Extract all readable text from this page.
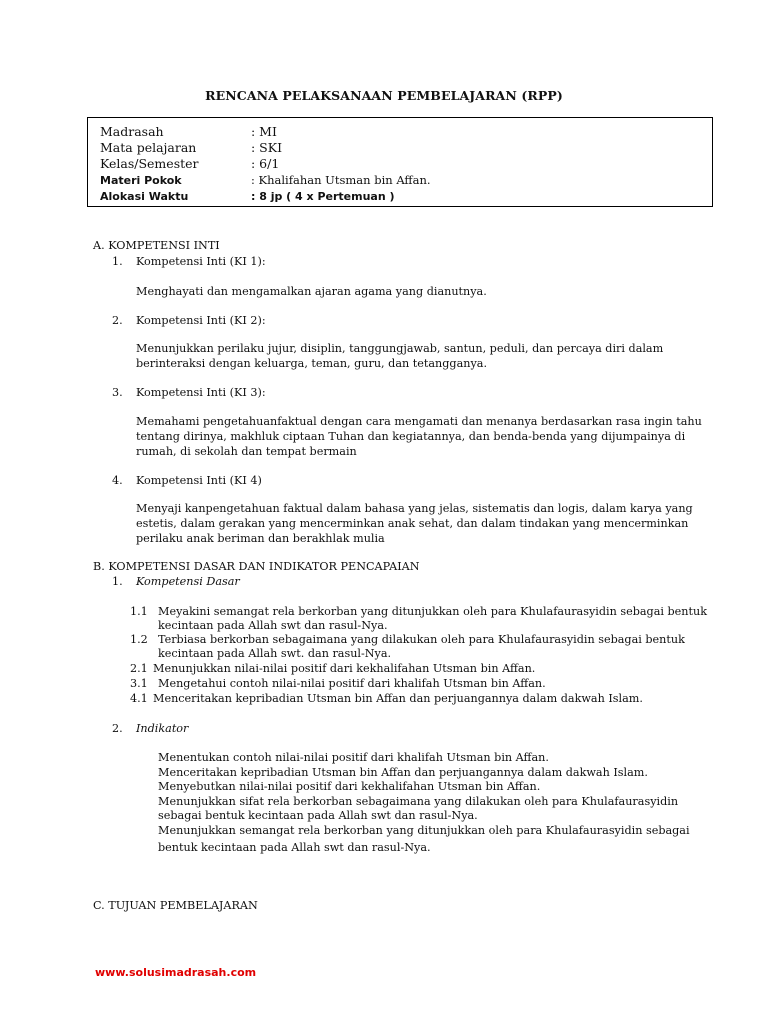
RENCANA PELAKSANAAN PEMBELAJARAN (RPP)
Madrasah	: MI
Mata pelajaran	: SKI
Kelas/Semester	: 6/1
Materi Pokok	: Khalifahan Utsman bin Affan.
Alokasi Waktu	: 8 jp ( 4 x Pertemuan )
A. KOMPETENSI INTI
1. Kompetensi Inti (KI 1):
Menghayati dan mengamalkan ajaran agama yang dianutnya.
2. Kompetensi Inti (KI 2):
Menunjukkan perilaku jujur, disiplin, tanggungjawab, santun, peduli, dan percaya diri dalam
berinteraksi dengan keluarga, teman, guru, dan tetangganya.
3. Kompetensi Inti (KI 3):
Memahami pengetahuanfaktual dengan cara mengamati dan menanya berdasarkan rasa ingin tahu
tentang dirinya, makhluk ciptaan Tuhan dan kegiatannya, dan benda-benda yang dijumpainya di
rumah, di sekolah dan tempat bermain
4. Kompetensi Inti (KI 4)
Menyaji kanpengetahuan faktual dalam bahasa yang jelas, sistematis dan logis, dalam karya yang
estetis, dalam gerakan yang mencerminkan anak sehat, dan dalam tindakan yang mencerminkan
perilaku anak beriman dan berakhlak mulia
B. KOMPETENSI DASAR DAN INDIKATOR PENCAPAIAN
1. Kompetensi Dasar
1.1 Meyakini semangat rela berkorban yang ditunjukkan oleh para Khulafaurasyidin sebagai bentuk
kecintaan pada Allah swt dan rasul-Nya.
1.2 Terbiasa berkorban sebagaimana yang dilakukan oleh para Khulafaurasyidin sebagai bentuk
kecintaan pada Allah swt. dan rasul-Nya.
2.1 Menunjukkan nilai-nilai positif dari kekhalifahan Utsman bin Affan.
3.1 Mengetahui contoh nilai-nilai positif dari khalifah Utsman bin Affan.
4.1 Menceritakan kepribadian Utsman bin Affan dan perjuangannya dalam dakwah Islam.
2. Indikator
Menentukan contoh nilai-nilai positif dari khalifah Utsman bin Affan.
Menceritakan kepribadian Utsman bin Affan dan perjuangannya dalam dakwah Islam.
Menyebutkan nilai-nilai positif dari kekhalifahan Utsman bin Affan.
Menunjukkan sifat rela berkorban sebagaimana yang dilakukan oleh para Khulafaurasyidin
sebagai bentuk kecintaan pada Allah swt dan rasul-Nya.
Menunjukkan semangat rela berkorban yang ditunjukkan oleh para Khulafaurasyidin sebagai
bentuk kecintaan pada Allah swt dan rasul-Nya.
C. TUJUAN PEMBELAJARAN
www.solusimadrasah.com
